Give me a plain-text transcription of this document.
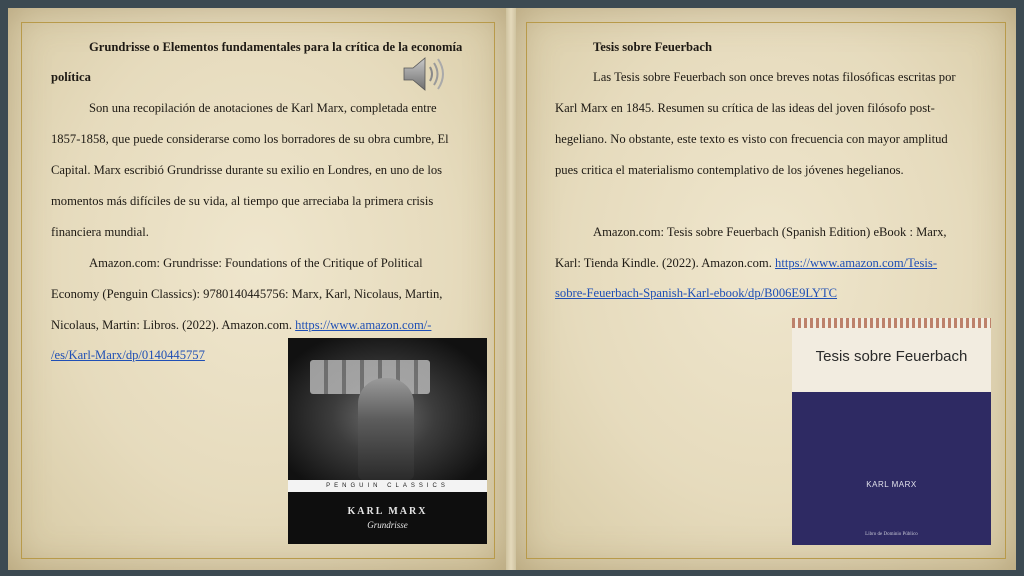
Grundrisse o Elementos fundamentales para la crítica de la economía
política
Son una recopilación de anotaciones de Karl Marx, completada entre
1857-1858, que puede considerarse como los borradores de su obra cumbre, El
Capital. Marx escribió Grundrisse durante su exilio en Londres, en uno de los
momentos más difíciles de su vida, al tiempo que arreciaba la primera crisis
financiera mundial.
Amazon.com: Grundrisse: Foundations of the Critique of Political
Economy (Penguin Classics): 9780140445756: Marx, Karl, Nicolaus, Martin,
Nicolaus, Martin: Libros. (2022). Amazon.com. https://www.amazon.com/-
/es/Karl-Marx/dp/0140445757
PENGUIN CLASSICS
KARL MARX
Grundrisse
Tesis sobre Feuerbach
Las Tesis sobre Feuerbach son once breves notas filosóficas escritas por
Karl Marx en 1845. Resumen su crítica de las ideas del joven filósofo post-
hegeliano. No obstante, este texto es visto con frecuencia con mayor amplitud
pues critica el materialismo contemplativo de los jóvenes hegelianos.
Amazon.com: Tesis sobre Feuerbach (Spanish Edition) eBook : Marx,
Karl: Tienda Kindle. (2022). Amazon.com. https://www.amazon.com/Tesis-
sobre-Feuerbach-Spanish-Karl-ebook/dp/B006E9LYTC
Tesis sobre Feuerbach
KARL MARX
Libro de Dominio Público
